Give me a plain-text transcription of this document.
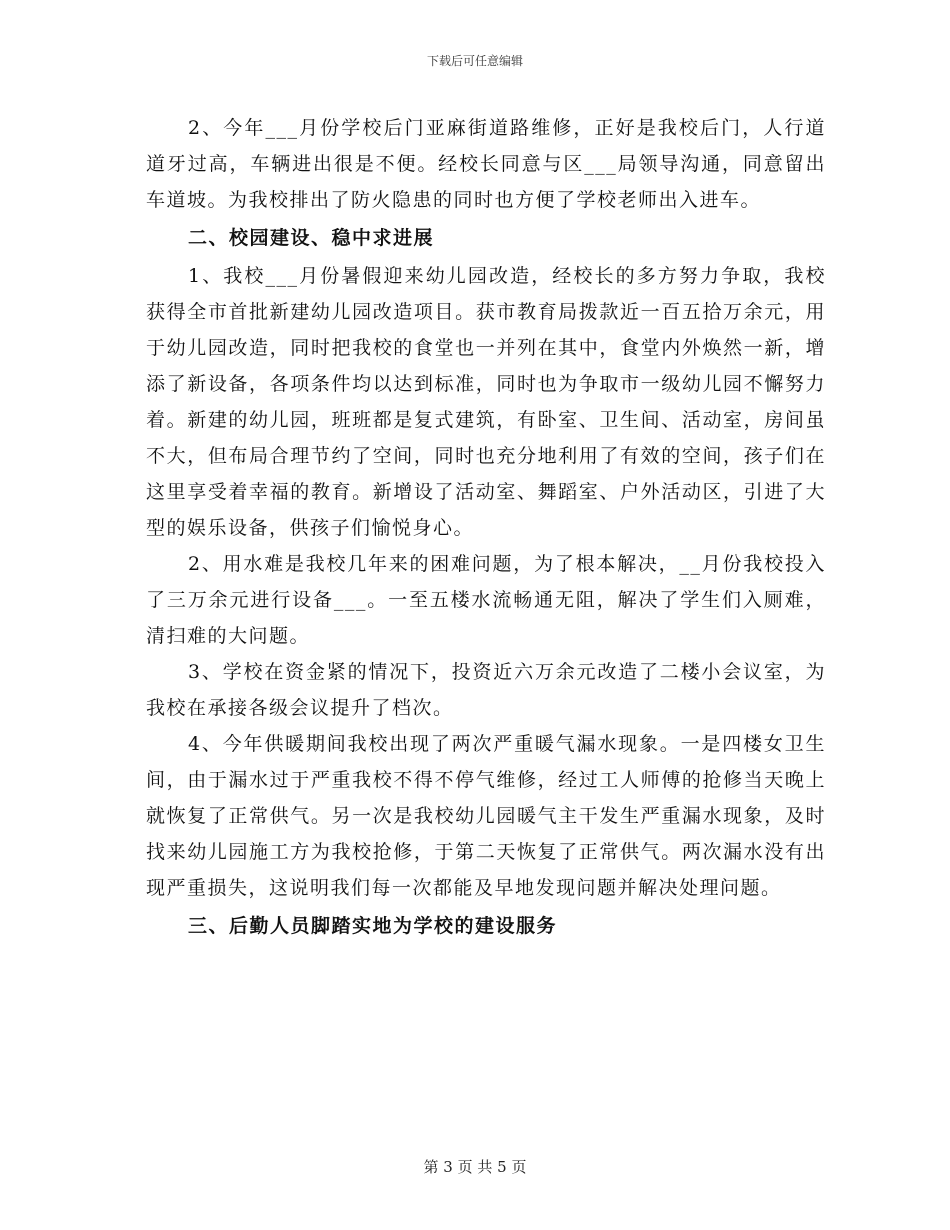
下载后可任意编辑

2、今年___月份学校后门亚麻街道路维修，正好是我校后门，人行道道牙过高，车辆进出很是不便。经校长同意与区___局领导沟通，同意留出车道坡。为我校排出了防火隐患的同时也方便了学校老师出入进车。

二、校园建设、稳中求进展

1、我校___月份暑假迎来幼儿园改造，经校长的多方努力争取，我校获得全市首批新建幼儿园改造项目。获市教育局拨款近一百五拾万余元，用于幼儿园改造，同时把我校的食堂也一并列在其中，食堂内外焕然一新，增添了新设备，各项条件均以达到标准，同时也为争取市一级幼儿园不懈努力着。新建的幼儿园，班班都是复式建筑，有卧室、卫生间、活动室，房间虽不大，但布局合理节约了空间，同时也充分地利用了有效的空间，孩子们在这里享受着幸福的教育。新增设了活动室、舞蹈室、户外活动区，引进了大型的娱乐设备，供孩子们愉悦身心。

2、用水难是我校几年来的困难问题，为了根本解决，__月份我校投入了三万余元进行设备___。一至五楼水流畅通无阻，解决了学生们入厕难，清扫难的大问题。

3、学校在资金紧的情况下，投资近六万余元改造了二楼小会议室，为我校在承接各级会议提升了档次。

4、今年供暖期间我校出现了两次严重暖气漏水现象。一是四楼女卫生间，由于漏水过于严重我校不得不停气维修，经过工人师傅的抢修当天晚上就恢复了正常供气。另一次是我校幼儿园暖气主干发生严重漏水现象，及时找来幼儿园施工方为我校抢修，于第二天恢复了正常供气。两次漏水没有出现严重损失，这说明我们每一次都能及早地发现问题并解决处理问题。

三、后勤人员脚踏实地为学校的建设服务

第 3 页 共 5 页
